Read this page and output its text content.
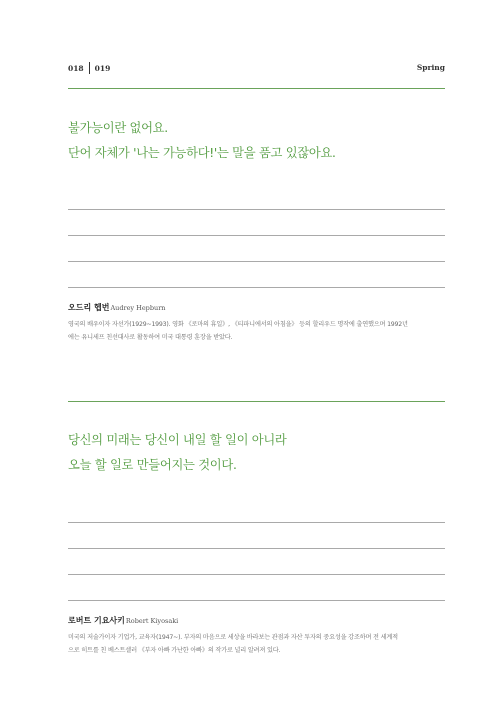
018 019	Spring
불가능이란 없어요.
단어 자체가 '나는 가능하다!'는 말을 품고 있잖아요.
오드리 헵번Audrey Hepburn
영국의 배우이자 자선가(1929~1993). 영화 《로마의 휴일》, 《티파니에서의 아침을》 등의 할리우드 명작에 출연했으며 1992년
에는 유니세프 친선대사로 활동하여 미국 대통령 훈장을 받았다.
당신의 미래는 당신이 내일 할 일이 아니라
오늘 할 일로 만들어지는 것이다.
로버트 기요사키Robert Kiyosaki
미국의 저술가이자 기업가, 교육자(1947~). 부자의 마음으로 세상을 바라보는 관점과 자산 투자의 중요성을 강조하며 전 세계적
으로 히트를 친 베스트셀러 《부자 아빠 가난한 아빠》의 작가로 널리 알려져 있다.
